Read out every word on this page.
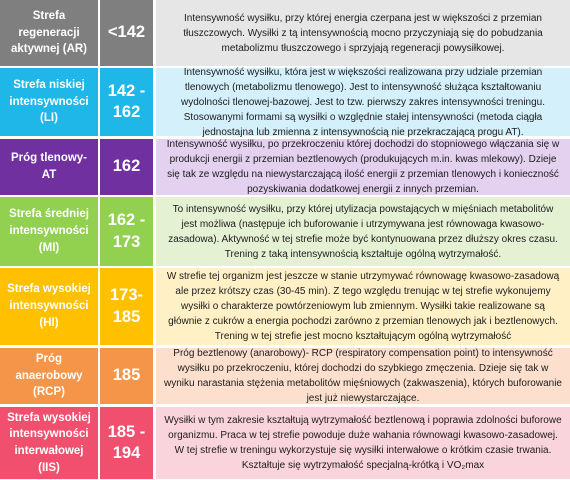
Strefa regeneracji aktywnej (AR)
<142
Intensywność wysiłku, przy której energia czerpana jest w większości z przemian tłuszczowych. Wysiłki z tą intensywnością mocno przyczyniają się do pobudzania metabolizmu tłuszczowego i sprzyjają regeneracji powysiłkowej.
Strefa niskiej intensywności (LI)
142 -
162
Intensywność wysiłku, która jest w większości realizowana przy udziale przemian tlenowych (metabolizmu tlenowego). Jest to intensywność służąca kształtowaniu wydolności tlenowej-bazowej. Jest to tzw. pierwszy zakres intensywności treningu. Stosowanymi formami są wysiłki o względnie stałej intensywności (metoda ciągła jednostajna lub zmienna z intensywnością nie przekraczającą progu AT).
Próg tlenowy- AT	162
Intensywność wysiłku, po przekroczeniu której dochodzi do stopniowego włączania się w produkcji energii z przemian beztlenowych (produkujących m.in. kwas mlekowy). Dzieje się tak ze względu na niewystarczającą ilość energii z przemian tlenowych i konieczność pozyskiwania dodatkowej energii z innych przemian.
Strefa średniej intensywności (MI)
162 -
173
To intensywność wysiłku, przy której utylizacja powstających w mięśniach metabolitów jest możliwa (następuje ich buforowanie i utrzymywana jest równowaga kwasowo-zasadowa). Aktywność w tej strefie może być kontynuowana przez dłuższy okres czasu. Trening z taką intensywnością kształtuje ogólną wytrzymałość.
Strefa wysokiej intensywności (HI)
173-
185
W strefie tej organizm jest jeszcze w stanie utrzymywać równowagę kwasowo-zasadową ale przez krótszy czas (30-45 min). Z tego względu trenując w tej strefie wykonujemy wysiłki o charakterze powtórzeniowym lub zmiennym. Wysiłki takie realizowane są głównie z cukrów a energia pochodzi zarówno z przemian tlenowych jak i beztlenowych. Trening w tej strefie jest mocno kształtującym ogólną wytrzymałość
Próg anaerobowy (RCP)
185
Próg beztlenowy (anarobowy)- RCP (respiratory compensation point) to intensywność wysiłku po przekroczeniu, której dochodzi do szybkiego zmęczenia. Dzieje się tak w wyniku narastania stężenia metabolitów mięśniowych (zakwaszenia), których buforowanie jest już niewystarczające.
Strefa wysokiej intensywności interwałowej (IIS)
185 -
194
Wysiłki w tym zakresie kształtują wytrzymałość beztlenową i poprawia zdolności buforowe organizmu. Praca w tej strefie powoduje duże wahania równowagi kwasowo-zasadowej. W tej strefie w treningu wykorzystuje się wysiłki interwałowe o krótkim czasie trwania. Kształtuje się wytrzymałość specjalną-krótką i VO₂max
